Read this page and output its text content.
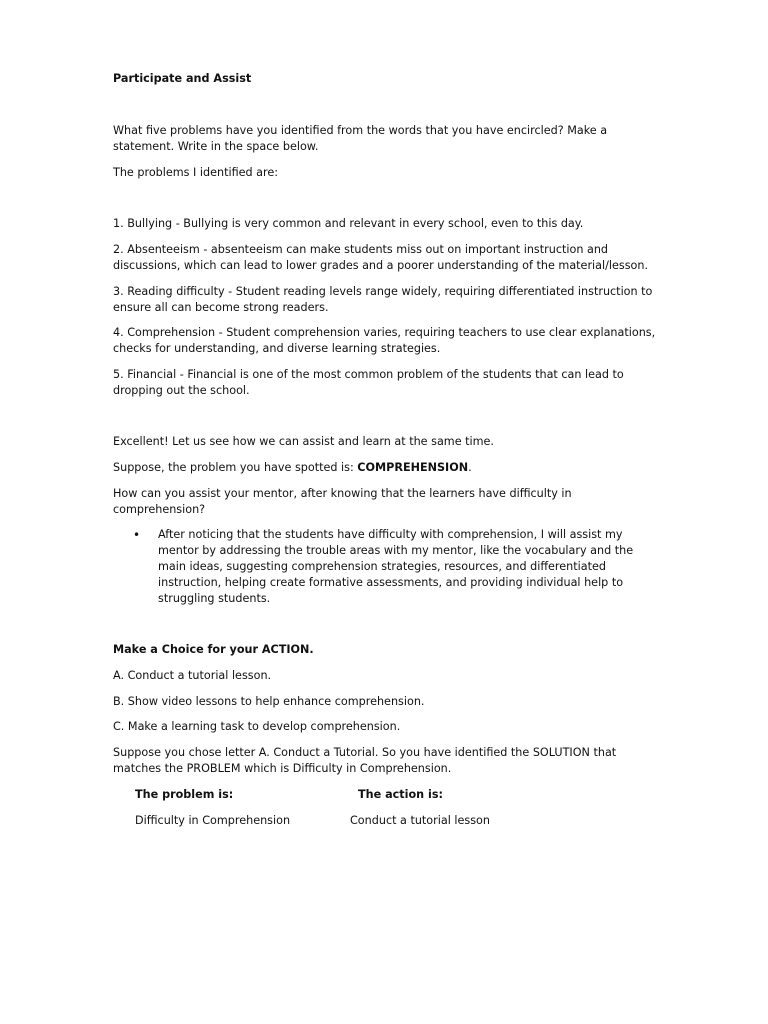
Participate and Assist
What five problems have you identified from the words that you have encircled? Make a statement. Write in the space below.
The problems I identified are:
1. Bullying - Bullying is very common and relevant in every school, even to this day.
2. Absenteeism - absenteeism can make students miss out on important instruction and discussions, which can lead to lower grades and a poorer understanding of the material/lesson.
3. Reading difficulty - Student reading levels range widely, requiring differentiated instruction to ensure all can become strong readers.
4. Comprehension - Student comprehension varies, requiring teachers to use clear explanations, checks for understanding, and diverse learning strategies.
5. Financial - Financial is one of the most common problem of the students that can lead to dropping out the school.
Excellent! Let us see how we can assist and learn at the same time.
Suppose, the problem you have spotted is: COMPREHENSION.
How can you assist your mentor, after knowing that the learners have difficulty in comprehension?
• After noticing that the students have difficulty with comprehension, I will assist my mentor by addressing the trouble areas with my mentor, like the vocabulary and the main ideas, suggesting comprehension strategies, resources, and differentiated instruction, helping create formative assessments, and providing individual help to struggling students.
Make a Choice for your ACTION.
A. Conduct a tutorial lesson.
B. Show video lessons to help enhance comprehension.
C. Make a learning task to develop comprehension.
Suppose you chose letter A. Conduct a Tutorial. So you have identified the SOLUTION that matches the PROBLEM which is Difficulty in Comprehension.
The problem is:	The action is:
Difficulty in Comprehension	Conduct a tutorial lesson
